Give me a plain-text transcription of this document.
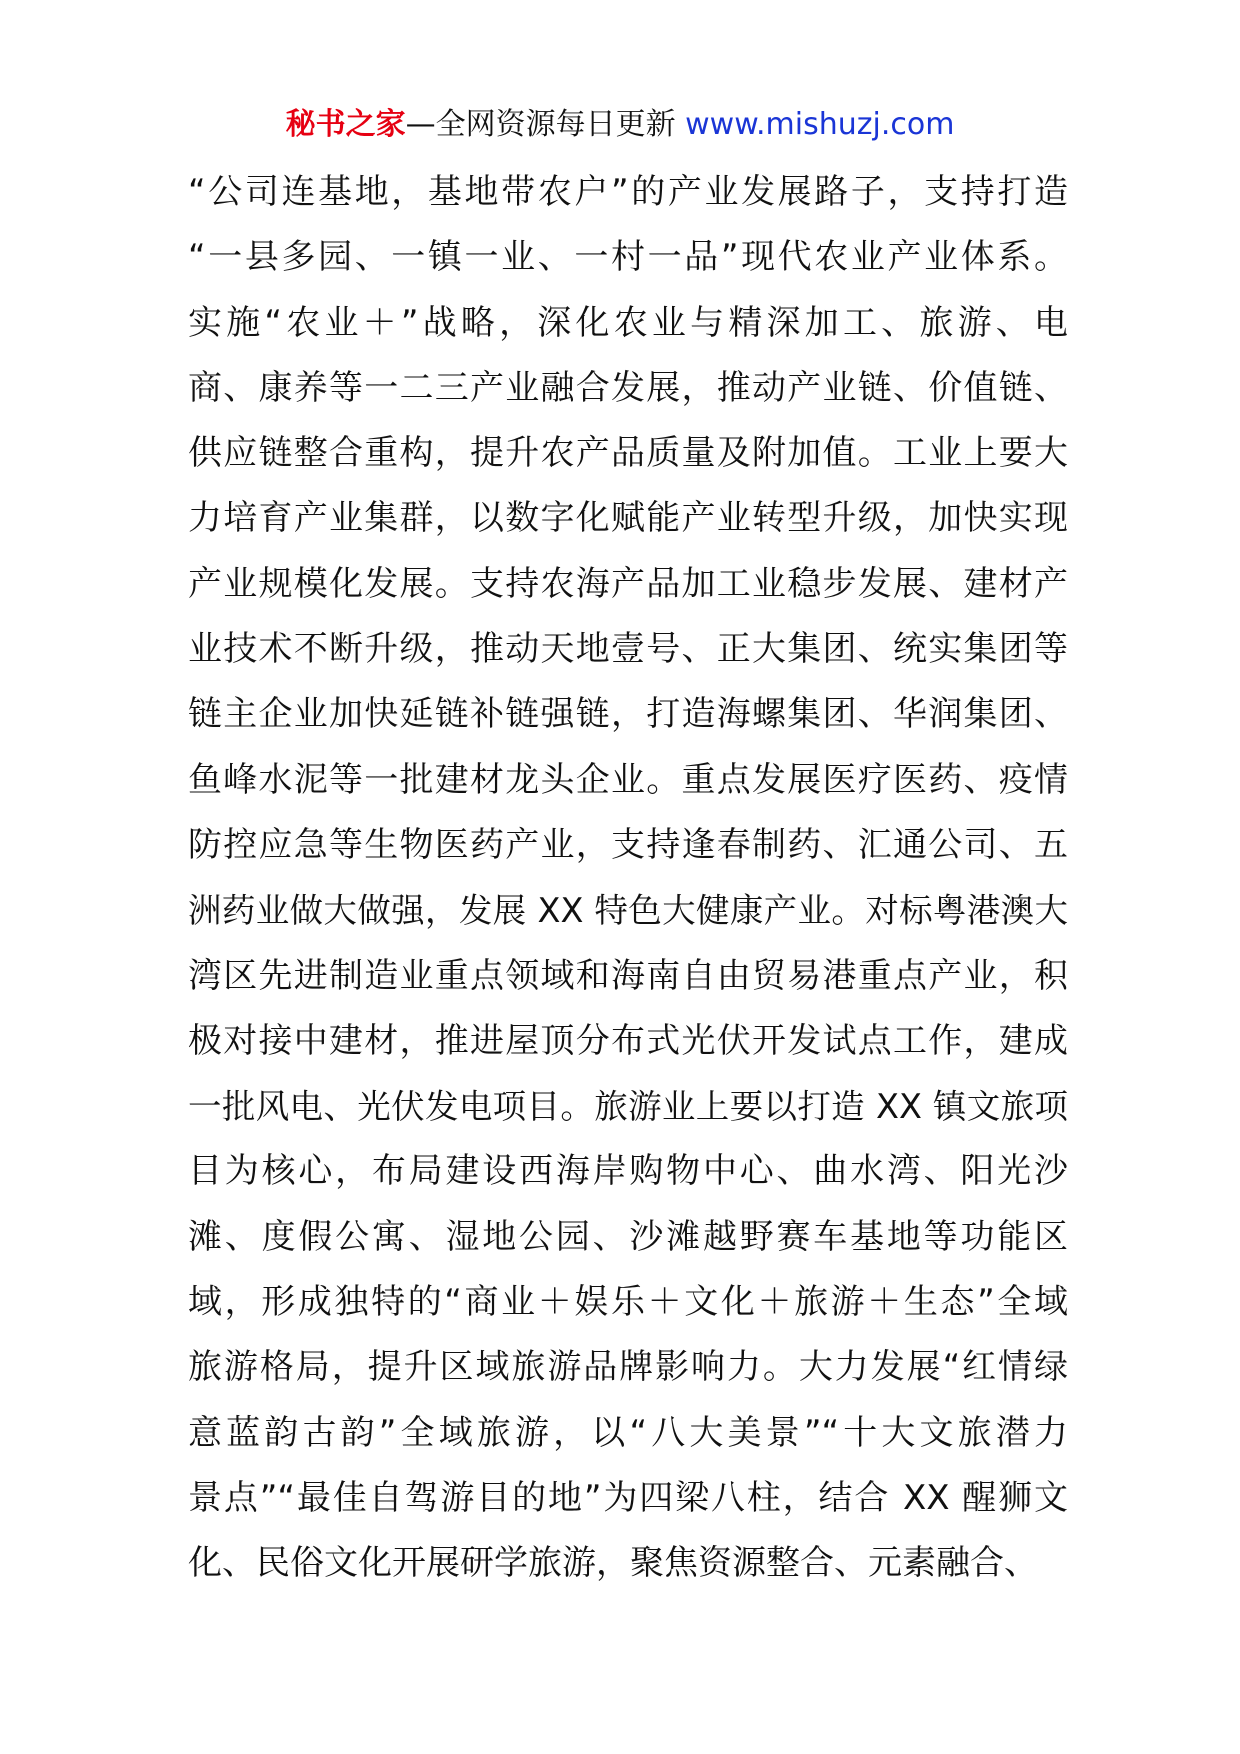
秘书之家—全网资源每日更新 www.mishuzj.com
“公司连基地，基地带农户”的产业发展路子，支持打造
“一县多园、一镇一业、一村一品”现代农业产业体系。
实施“农业＋”战略，深化农业与精深加工、旅游、电
商、康养等一二三产业融合发展，推动产业链、价值链、
供应链整合重构，提升农产品质量及附加值。工业上要大
力培育产业集群，以数字化赋能产业转型升级，加快实现
产业规模化发展。支持农海产品加工业稳步发展、建材产
业技术不断升级，推动天地壹号、正大集团、统实集团等
链主企业加快延链补链强链，打造海螺集团、华润集团、
鱼峰水泥等一批建材龙头企业。重点发展医疗医药、疫情
防控应急等生物医药产业，支持逢春制药、汇通公司、五
洲药业做大做强，发展 XX 特色大健康产业。对标粤港澳大
湾区先进制造业重点领域和海南自由贸易港重点产业，积
极对接中建材，推进屋顶分布式光伏开发试点工作，建成
一批风电、光伏发电项目。旅游业上要以打造 XX 镇文旅项
目为核心，布局建设西海岸购物中心、曲水湾、阳光沙
滩、度假公寓、湿地公园、沙滩越野赛车基地等功能区
域，形成独特的“商业＋娱乐＋文化＋旅游＋生态”全域
旅游格局，提升区域旅游品牌影响力。大力发展“红情绿
意蓝韵古韵”全域旅游，以“八大美景”“十大文旅潜力
景点”“最佳自驾游目的地”为四梁八柱，结合 XX 醒狮文
化、民俗文化开展研学旅游，聚焦资源整合、元素融合、
